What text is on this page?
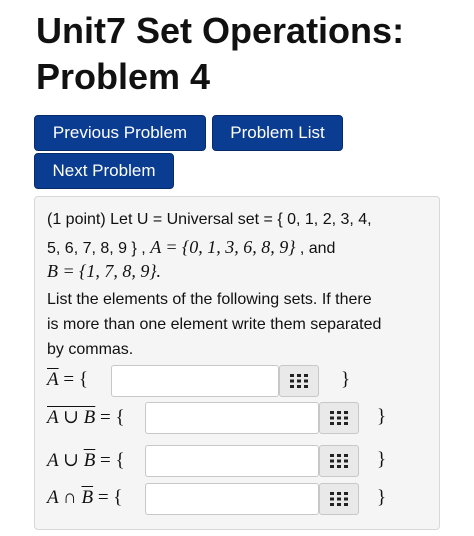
Unit7 Set Operations: Problem 4
Previous Problem	Problem List
Next Problem
(1 point) Let U = Universal set = { 0, 1, 2, 3, 4,
5, 6, 7, 8, 9 } , A = {0, 1, 3, 6, 8, 9} , and
B = {1, 7, 8, 9}.
List the elements of the following sets. If there
is more than one element write them separated
by commas.
$\overline{A}$ = {	}
A ∪ B = {	}
A ∪ $\overline{B}$ = {	}
A ∩ $\overline{B}$ = {	}
